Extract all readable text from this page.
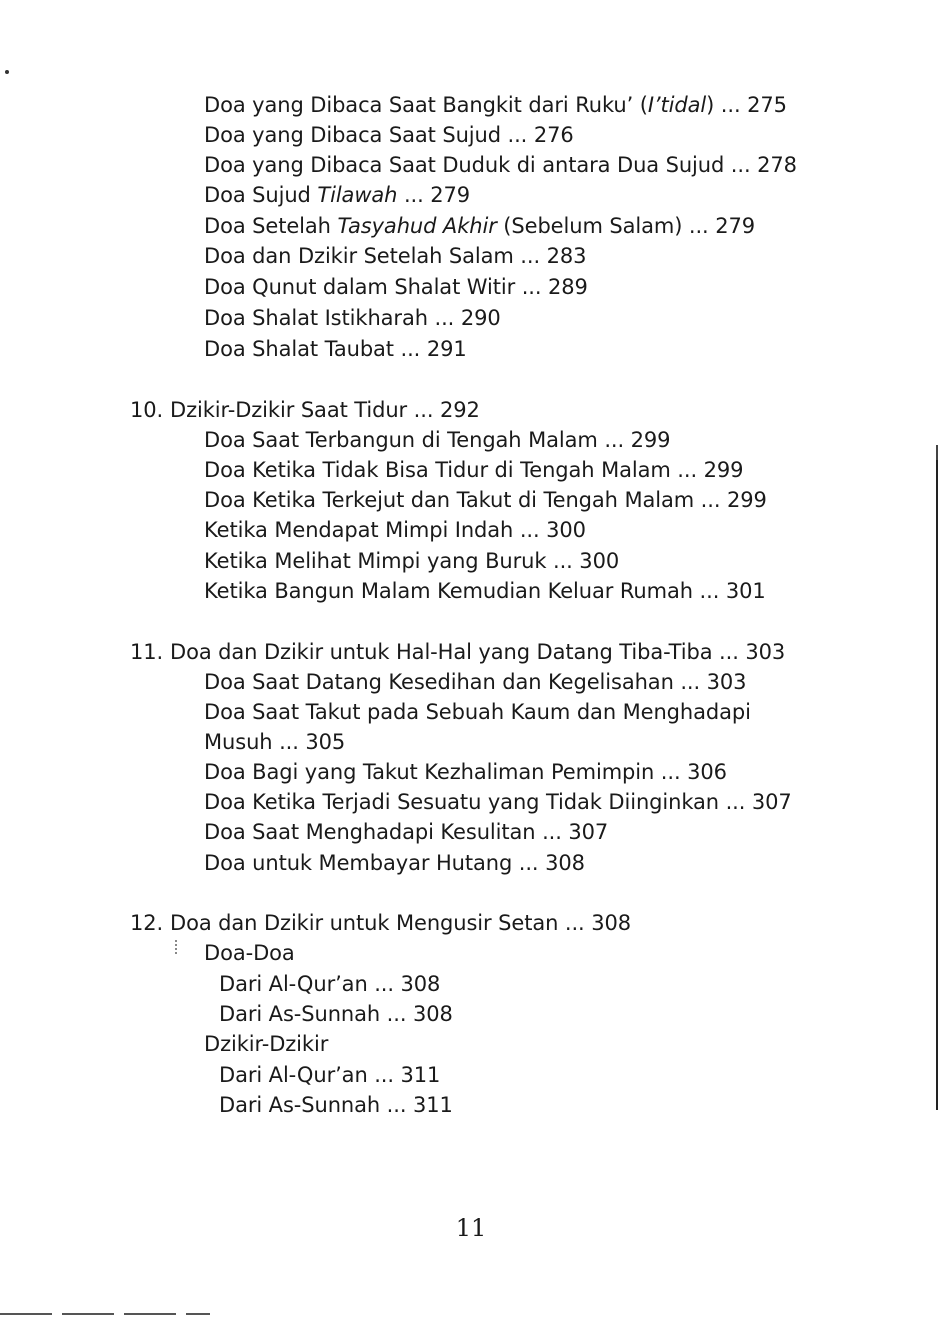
Doa yang Dibaca Saat Bangkit dari Ruku’ (I’tidal) ... 275
Doa yang Dibaca Saat Sujud ... 276
Doa yang Dibaca Saat Duduk di antara Dua Sujud ... 278
Doa Sujud Tilawah ... 279
Doa Setelah Tasyahud Akhir (Sebelum Salam) ... 279
Doa dan Dzikir Setelah Salam ... 283
Doa Qunut dalam Shalat Witir ... 289
Doa Shalat Istikharah ... 290
Doa Shalat Taubat ... 291
10. Dzikir-Dzikir Saat Tidur ... 292
Doa Saat Terbangun di Tengah Malam ... 299
Doa Ketika Tidak Bisa Tidur di Tengah Malam ... 299
Doa Ketika Terkejut dan Takut di Tengah Malam ... 299
Ketika Mendapat Mimpi Indah ... 300
Ketika Melihat Mimpi yang Buruk ... 300
Ketika Bangun Malam Kemudian Keluar Rumah ... 301
11. Doa dan Dzikir untuk Hal-Hal yang Datang Tiba-Tiba ... 303
Doa Saat Datang Kesedihan dan Kegelisahan ... 303
Doa Saat Takut pada Sebuah Kaum dan Menghadapi
Musuh ... 305
Doa Bagi yang Takut Kezhaliman Pemimpin ... 306
Doa Ketika Terjadi Sesuatu yang Tidak Diinginkan ... 307
Doa Saat Menghadapi Kesulitan ... 307
Doa untuk Membayar Hutang ... 308
12. Doa dan Dzikir untuk Mengusir Setan ... 308
Doa-Doa
Dari Al-Qur’an ... 308
Dari As-Sunnah ... 308
Dzikir-Dzikir
Dari Al-Qur’an ... 311
Dari As-Sunnah ... 311
11
